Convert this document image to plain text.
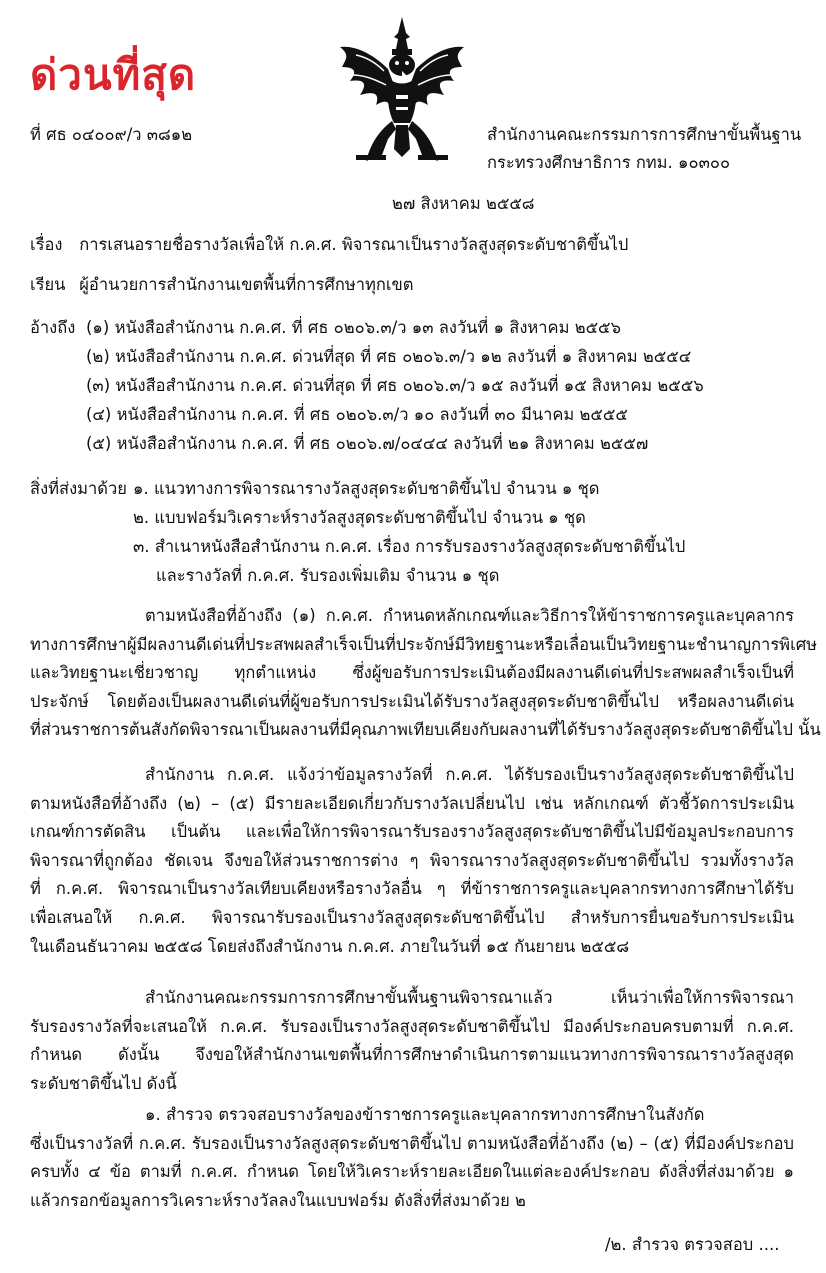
ด่วนที่สุด
ที่ ศธ ๐๔๐๐๙/ว ๓๘๑๒	สำนักงานคณะกรรมการการศึกษาขั้นพื้นฐาน
กระทรวงศึกษาธิการ กทม. ๑๐๓๐๐
๒๗ สิงหาคม ๒๕๕๘
เรื่อง การเสนอรายชื่อรางวัลเพื่อให้ ก.ค.ศ. พิจารณาเป็นรางวัลสูงสุดระดับชาติขึ้นไป
เรียน ผู้อำนวยการสำนักงานเขตพื้นที่การศึกษาทุกเขต
อ้างถึง (๑) หนังสือสำนักงาน ก.ค.ศ. ที่ ศธ ๐๒๐๖.๓/ว ๑๓ ลงวันที่ ๑ สิงหาคม ๒๕๕๖
(๒) หนังสือสำนักงาน ก.ค.ศ. ด่วนที่สุด ที่ ศธ ๐๒๐๖.๓/ว ๑๒ ลงวันที่ ๑ สิงหาคม ๒๕๕๔
(๓) หนังสือสำนักงาน ก.ค.ศ. ด่วนที่สุด ที่ ศธ ๐๒๐๖.๓/ว ๑๕ ลงวันที่ ๑๕ สิงหาคม ๒๕๕๖
(๔) หนังสือสำนักงาน ก.ค.ศ. ที่ ศธ ๐๒๐๖.๓/ว ๑๐ ลงวันที่ ๓๐ มีนาคม ๒๕๕๕
(๕) หนังสือสำนักงาน ก.ค.ศ. ที่ ศธ ๐๒๐๖.๗/๐๔๔๔ ลงวันที่ ๒๑ สิงหาคม ๒๕๕๗
สิ่งที่ส่งมาด้วย ๑. แนวทางการพิจารณารางวัลสูงสุดระดับชาติขึ้นไป จำนวน ๑ ชุด
๒. แบบฟอร์มวิเคราะห์รางวัลสูงสุดระดับชาติขึ้นไป จำนวน ๑ ชุด
๓. สำเนาหนังสือสำนักงาน ก.ค.ศ. เรื่อง การรับรองรางวัลสูงสุดระดับชาติขึ้นไป
และรางวัลที่ ก.ค.ศ. รับรองเพิ่มเติม จำนวน ๑ ชุด
ตามหนังสือที่อ้างถึง (๑) ก.ค.ศ. กำหนดหลักเกณฑ์และวิธีการให้ข้าราชการครูและบุคลากร
ทางการศึกษาผู้มีผลงานดีเด่นที่ประสพผลสำเร็จเป็นที่ประจักษ์มีวิทยฐานะหรือเลื่อนเป็นวิทยฐานะชำนาญการพิเศษ
และวิทยฐานะเชี่ยวชาญ ทุกตำแหน่ง ซึ่งผู้ขอรับการประเมินต้องมีผลงานดีเด่นที่ประสพผลสำเร็จเป็นที่
ประจักษ์ โดยต้องเป็นผลงานดีเด่นที่ผู้ขอรับการประเมินได้รับรางวัลสูงสุดระดับชาติขึ้นไป หรือผลงานดีเด่น
ที่ส่วนราชการต้นสังกัดพิจารณาเป็นผลงานที่มีคุณภาพเทียบเคียงกับผลงานที่ได้รับรางวัลสูงสุดระดับชาติขึ้นไป นั้น
สำนักงาน ก.ค.ศ. แจ้งว่าข้อมูลรางวัลที่ ก.ค.ศ. ได้รับรองเป็นรางวัลสูงสุดระดับชาติขึ้นไป
ตามหนังสือที่อ้างถึง (๒) – (๕) มีรายละเอียดเกี่ยวกับรางวัลเปลี่ยนไป เช่น หลักเกณฑ์ ตัวชี้วัดการประเมิน
เกณฑ์การตัดสิน เป็นต้น และเพื่อให้การพิจารณารับรองรางวัลสูงสุดระดับชาติขึ้นไปมีข้อมูลประกอบการ
พิจารณาที่ถูกต้อง ชัดเจน จึงขอให้ส่วนราชการต่าง ๆ พิจารณารางวัลสูงสุดระดับชาติขึ้นไป รวมทั้งรางวัล
ที่ ก.ค.ศ. พิจารณาเป็นรางวัลเทียบเคียงหรือรางวัลอื่น ๆ ที่ข้าราชการครูและบุคลากรทางการศึกษาได้รับ
เพื่อเสนอให้ ก.ค.ศ. พิจารณารับรองเป็นรางวัลสูงสุดระดับชาติขึ้นไป สำหรับการยื่นขอรับการประเมิน
ในเดือนธันวาคม ๒๕๕๘ โดยส่งถึงสำนักงาน ก.ค.ศ. ภายในวันที่ ๑๕ กันยายน ๒๕๕๘
สำนักงานคณะกรรมการการศึกษาขั้นพื้นฐานพิจารณาแล้ว เห็นว่าเพื่อให้การพิจารณา
รับรองรางวัลที่จะเสนอให้ ก.ค.ศ. รับรองเป็นรางวัลสูงสุดระดับชาติขึ้นไป มีองค์ประกอบครบตามที่ ก.ค.ศ.
กำหนด ดังนั้น จึงขอให้สำนักงานเขตพื้นที่การศึกษาดำเนินการตามแนวทางการพิจารณารางวัลสูงสุด
ระดับชาติขึ้นไป ดังนี้
๑. สำรวจ ตรวจสอบรางวัลของข้าราชการครูและบุคลากรทางการศึกษาในสังกัด
ซึ่งเป็นรางวัลที่ ก.ค.ศ. รับรองเป็นรางวัลสูงสุดระดับชาติขึ้นไป ตามหนังสือที่อ้างถึง (๒) – (๕) ที่มีองค์ประกอบ
ครบทั้ง ๔ ข้อ ตามที่ ก.ค.ศ. กำหนด โดยให้วิเคราะห์รายละเอียดในแต่ละองค์ประกอบ ดังสิ่งที่ส่งมาด้วย ๑
แล้วกรอกข้อมูลการวิเคราะห์รางวัลลงในแบบฟอร์ม ดังสิ่งที่ส่งมาด้วย ๒
/๒. สำรวจ ตรวจสอบ ....
